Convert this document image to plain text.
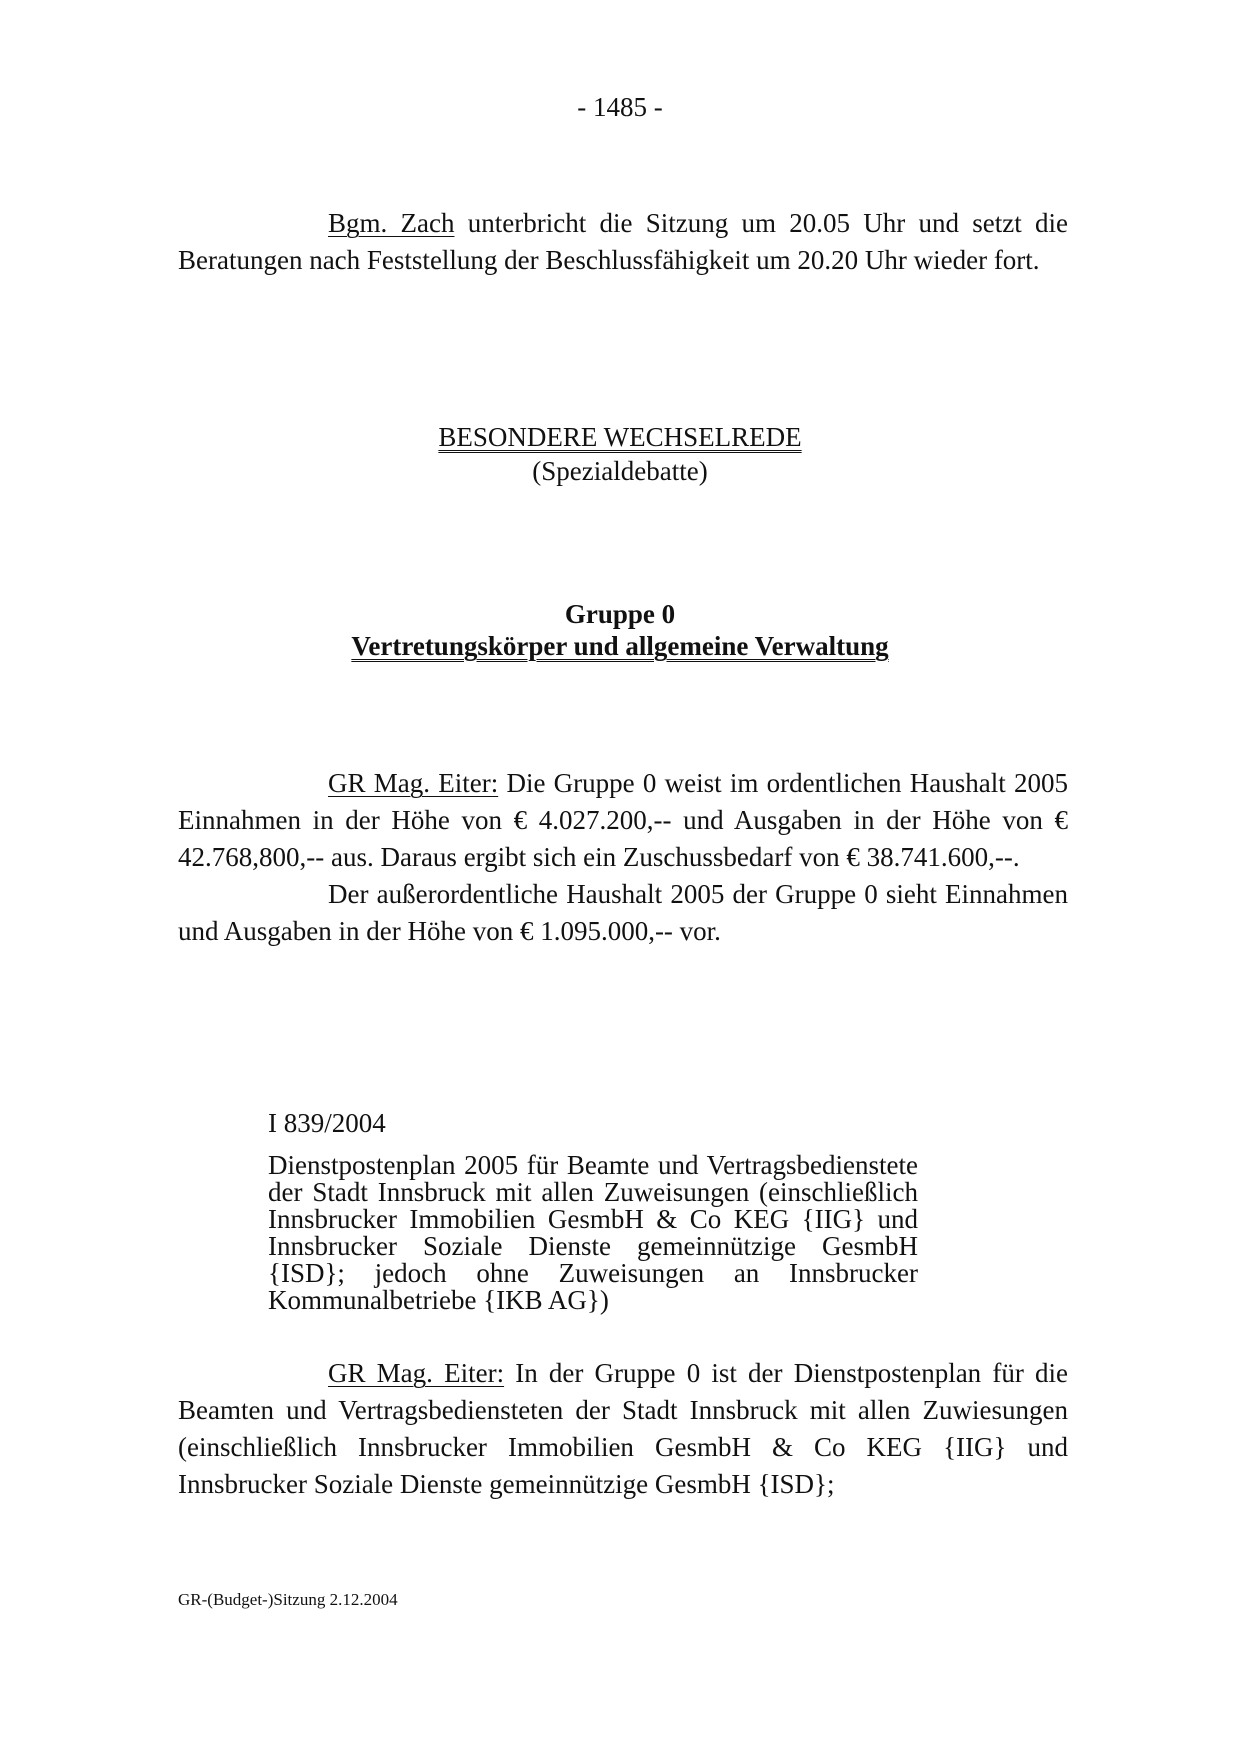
- 1485 -

Bgm. Zach unterbricht die Sitzung um 20.05 Uhr und setzt die Beratungen nach Feststellung der Beschlussfähigkeit um 20.20 Uhr wieder fort.

BESONDERE WECHSELREDE
(Spezialdebatte)
Gruppe 0
Vertretungskörper und allgemeine Verwaltung

GR Mag. Eiter: Die Gruppe 0 weist im ordentlichen Haushalt 2005 Einnahmen in der Höhe von € 4.027.200,-- und Ausgaben in der Höhe von € 42.768,800,-- aus. Daraus ergibt sich ein Zuschussbedarf von € 38.741.600,--.

Der außerordentliche Haushalt 2005 der Gruppe 0 sieht Einnahmen und Ausgaben in der Höhe von € 1.095.000,-- vor.

I 839/2004
Dienstpostenplan 2005 für Beamte und Vertragsbedienstete der Stadt Innsbruck mit allen Zuweisungen (einschließlich Innsbrucker Immobilien GesmbH & Co KEG {IIG} und Innsbrucker Soziale Dienste gemeinnützige GesmbH {ISD}; jedoch ohne Zuweisungen an Innsbrucker Kommunalbetriebe {IKB AG})

GR Mag. Eiter: In der Gruppe 0 ist der Dienstpostenplan für die Beamten und Vertragsbediensteten der Stadt Innsbruck mit allen Zuwiesungen (einschließlich Innsbrucker Immobilien GesmbH & Co KEG {IIG} und Innsbrucker Soziale Dienste gemeinnützige GesmbH {ISD};

GR-(Budget-)Sitzung 2.12.2004
